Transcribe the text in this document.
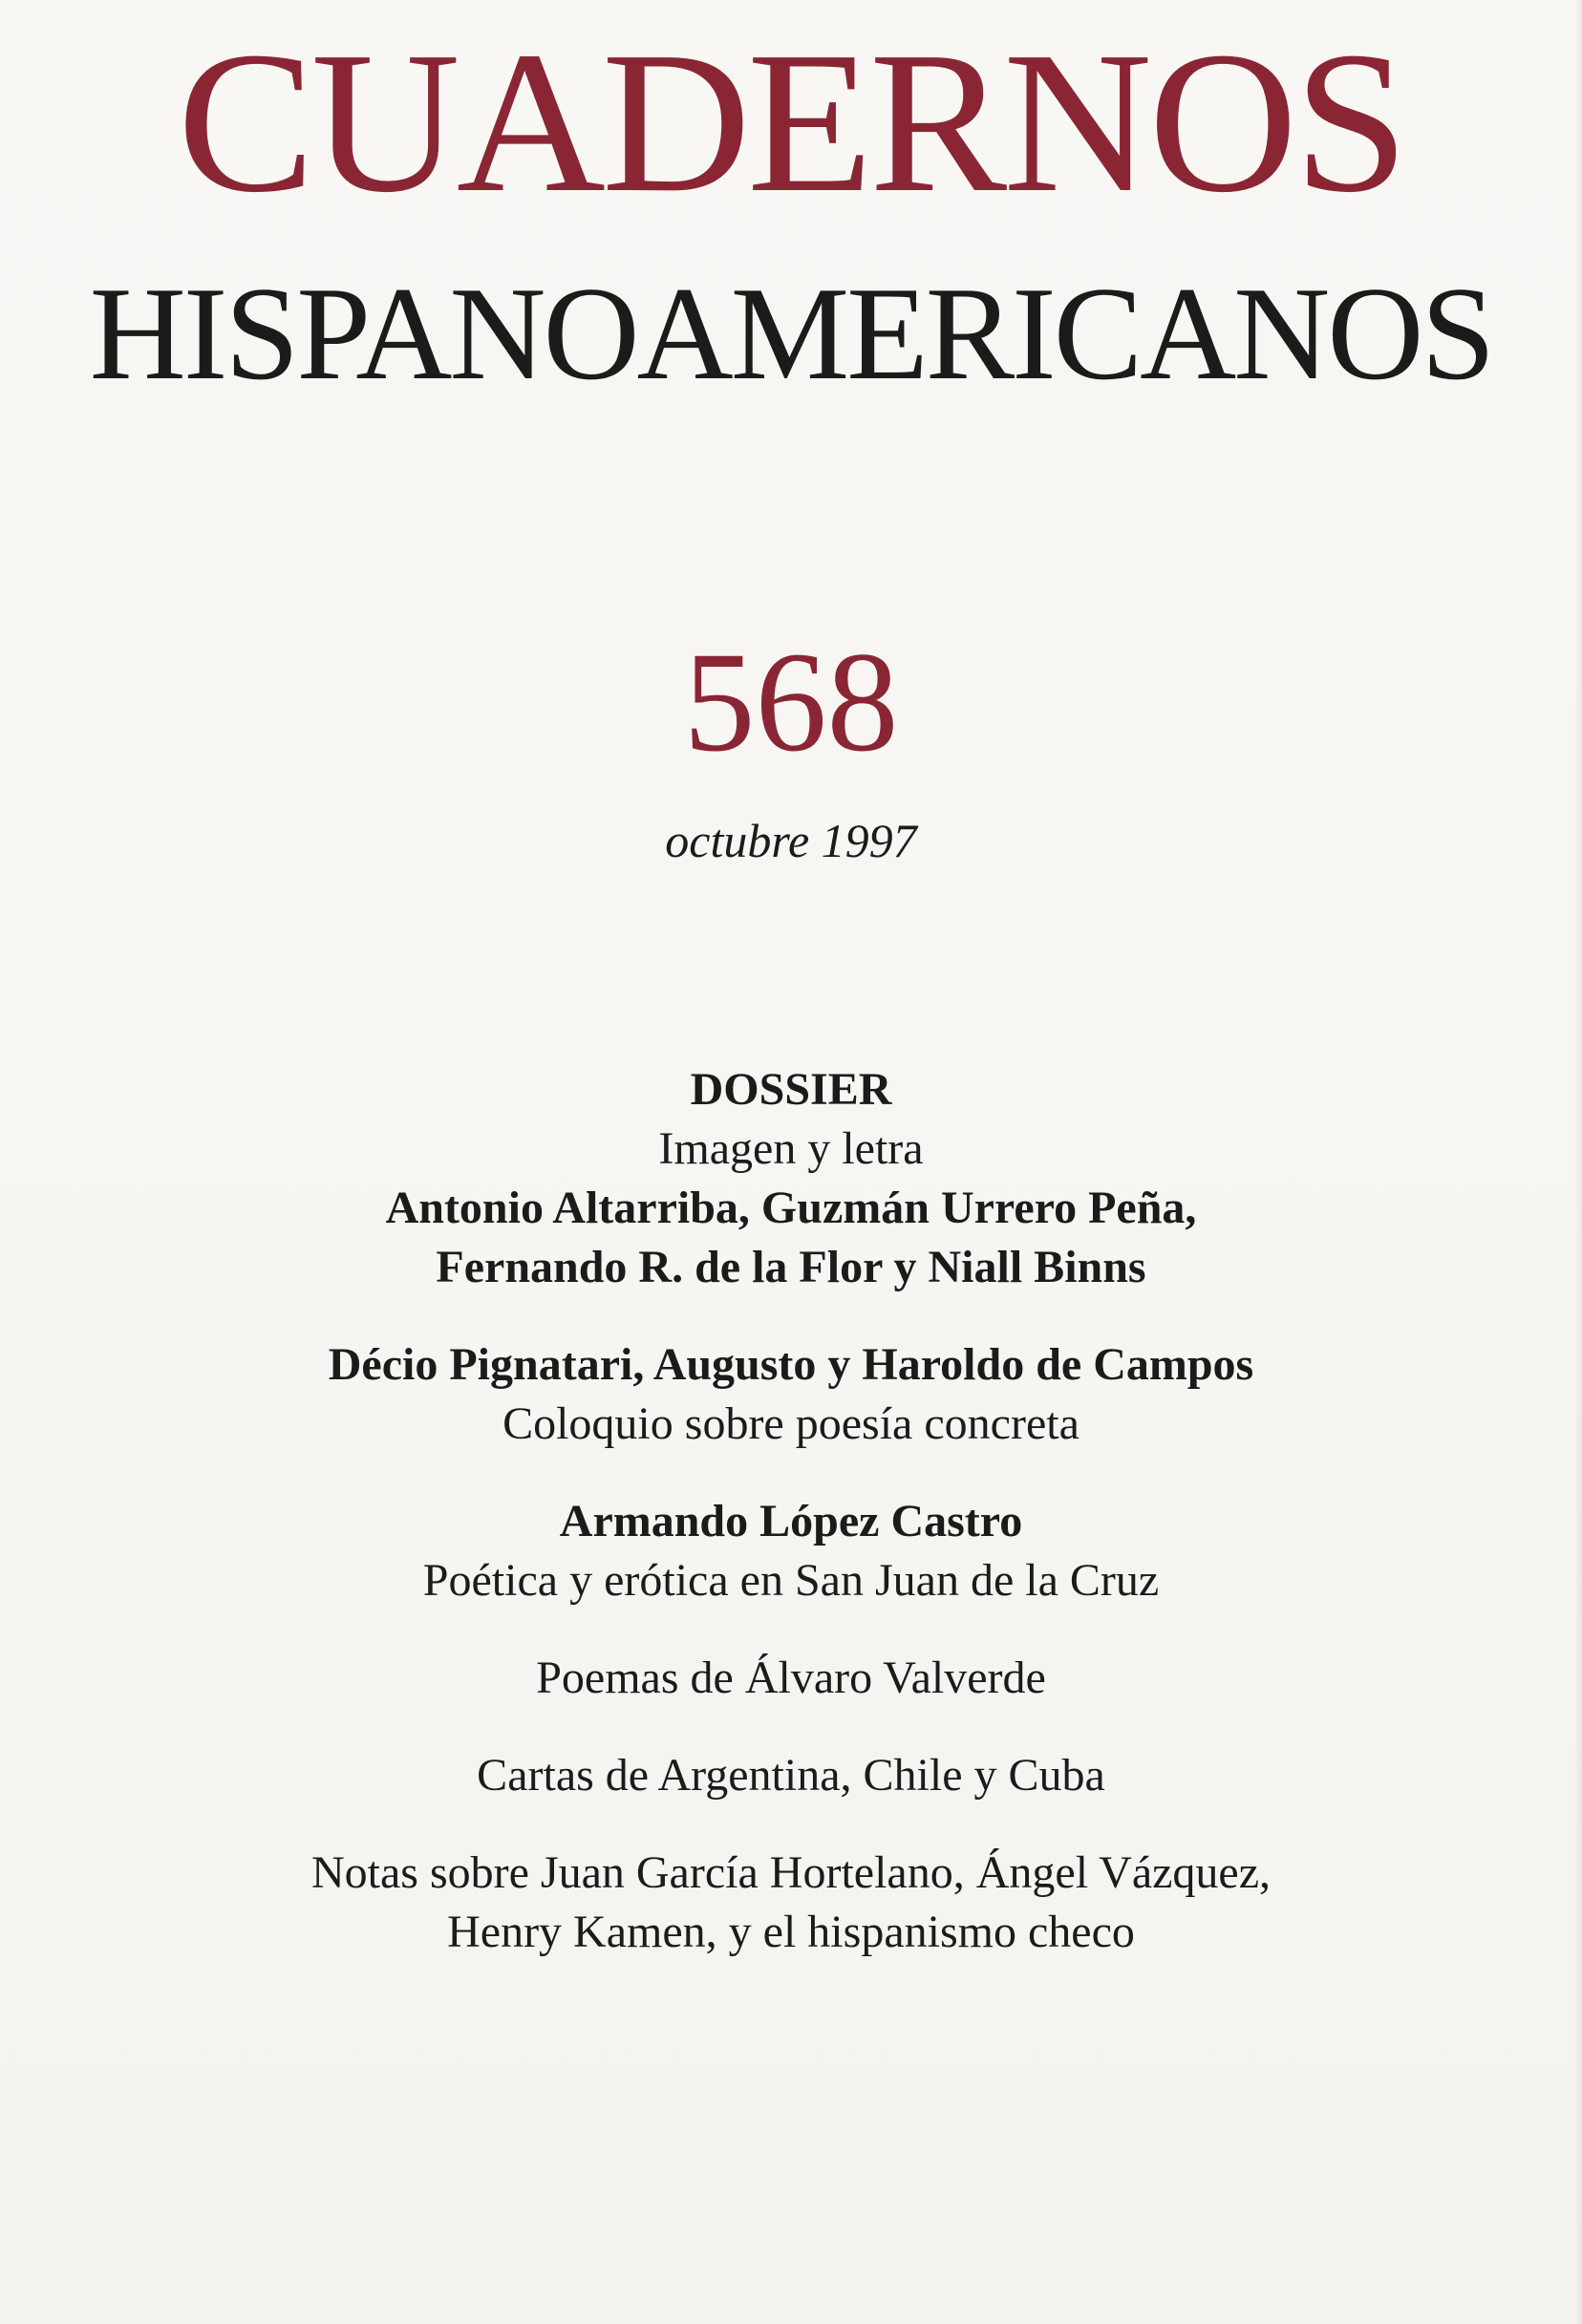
CUADERNOS
HISPANOAMERICANOS
568
octubre 1997
DOSSIER
Imagen y letra
Antonio Altarriba, Guzmán Urrero Peña,
Fernando R. de la Flor y Niall Binns
Décio Pignatari, Augusto y Haroldo de Campos
Coloquio sobre poesía concreta
Armando López Castro
Poética y erótica en San Juan de la Cruz
Poemas de Álvaro Valverde
Cartas de Argentina, Chile y Cuba
Notas sobre Juan García Hortelano, Ángel Vázquez,
Henry Kamen, y el hispanismo checo
